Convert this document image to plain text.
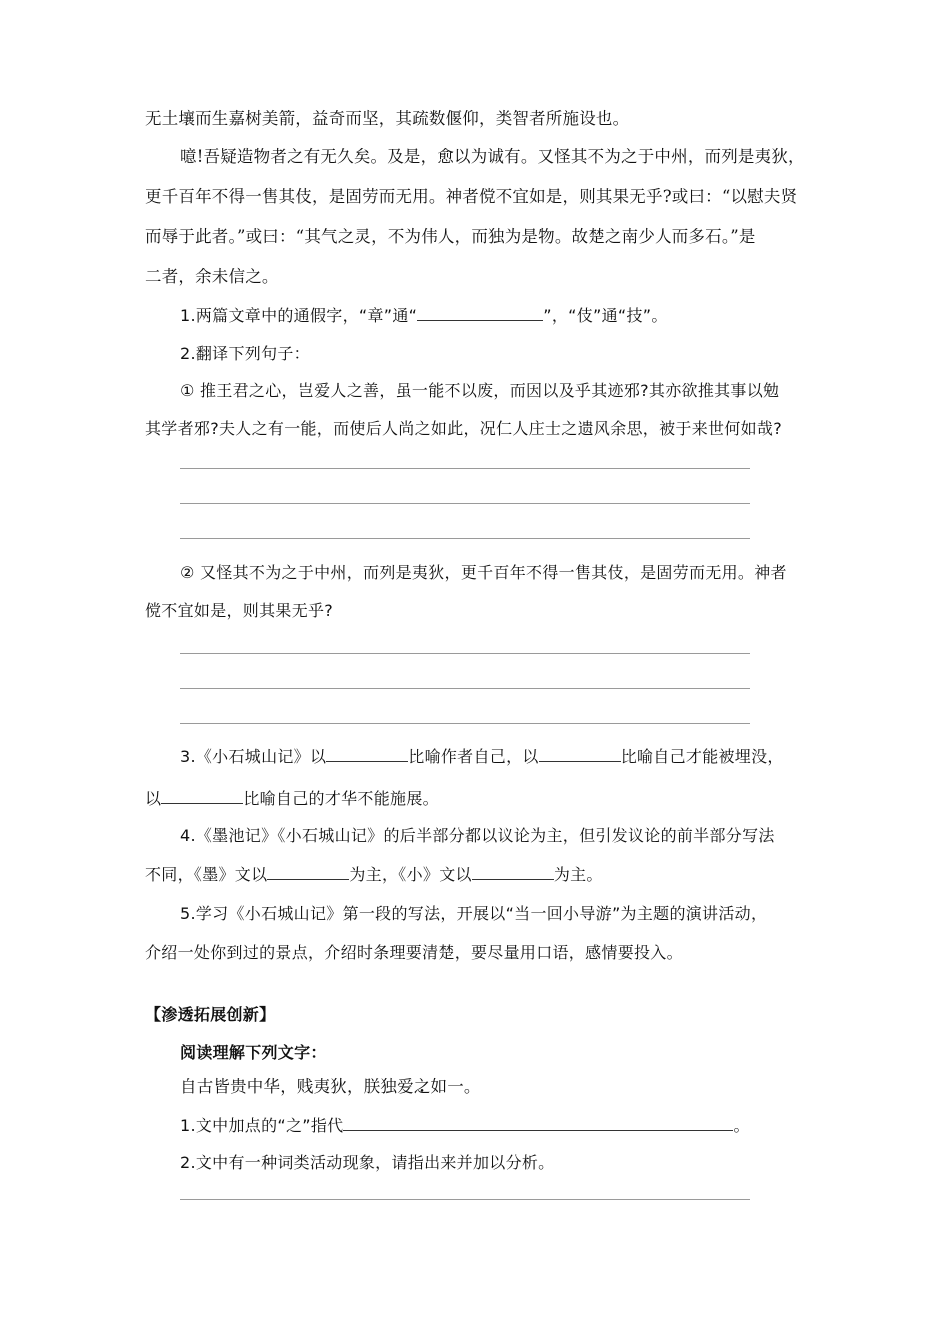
无土壤而生嘉树美箭，益奇而坚，其疏数偃仰，类智者所施设也。
噫!吾疑造物者之有无久矣。及是，愈以为诚有。又怪其不为之于中州，而列是夷狄，
更千百年不得一售其伎，是固劳而无用。神者傥不宜如是，则其果无乎?或曰：“以慰夫贤
而辱于此者。”或曰：“其气之灵，不为伟人，而独为是物。故楚之南少人而多石。”是
二者，余未信之。
1.两篇文章中的通假字，“章”通“	”，“伎”通“技”。
2.翻译下列句子：
① 推王君之心，岂爱人之善，虽一能不以废，而因以及乎其迹邪?其亦欲推其事以勉
其学者邪?夫人之有一能，而使后人尚之如此，况仁人庄士之遗风余思，被于来世何如哉?
② 又怪其不为之于中州，而列是夷狄，更千百年不得一售其伎，是固劳而无用。神者
傥不宜如是，则其果无乎?
3.《小石城山记》以	比喻作者自己，以	比喻自己才能被埋没，
以	比喻自己的才华不能施展。
4.《墨池记》《小石城山记》的后半部分都以议论为主，但引发议论的前半部分写法
不同，《墨》文以	为主，《小》文以	为主。
5.学习《小石城山记》第一段的写法，开展以“当一回小导游”为主题的演讲活动，
介绍一处你到过的景点，介绍时条理要清楚，要尽量用口语，感情要投入。
【渗透拓展创新】
阅读理解下列文字：
自古皆贵中华，贱夷狄，朕独爱之如一。
1.文中加点的“之”指代	。
2.文中有一种词类活动现象，请指出来并加以分析。
